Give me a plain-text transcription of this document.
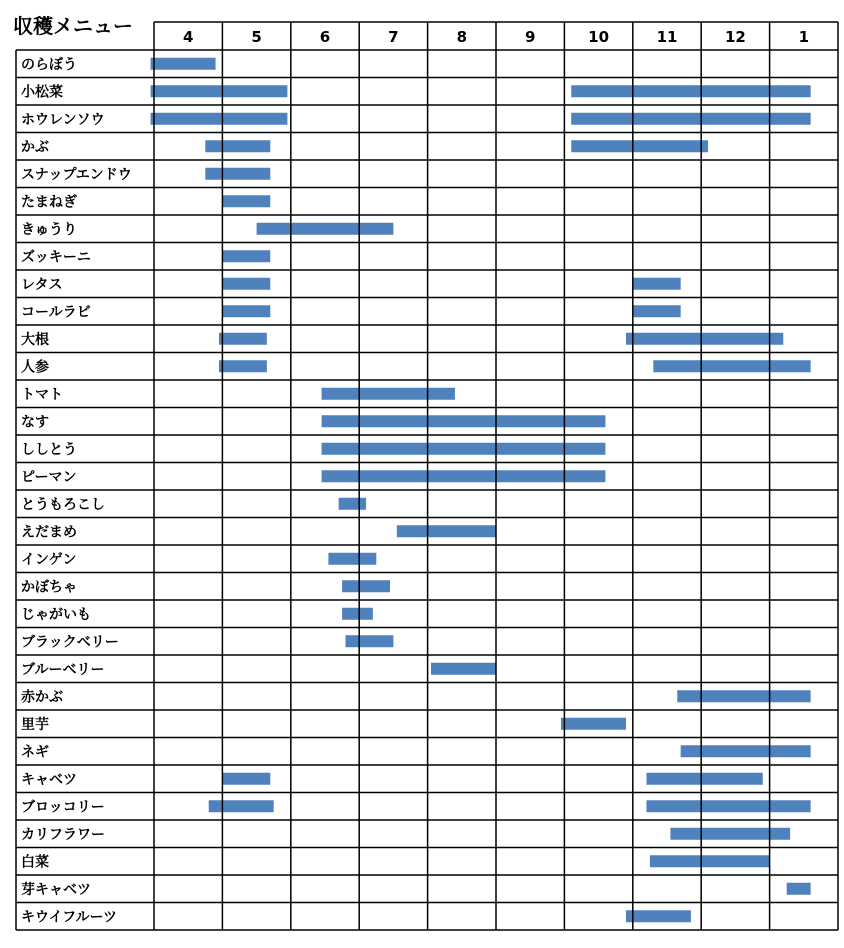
収穫メニュー	4	5	6	7	8	9	10	11	12	1
のらぼう
小松菜
ホウレンソウ
かぶ
スナップエンドウ
たまねぎ
きゅうり
ズッキーニ
レタス
コールラビ
大根
人参
トマト
なす
ししとう
ピーマン
とうもろこし
えだまめ
インゲン
かぼちゃ
じゃがいも
ブラックベリー
ブルーベリー
赤かぶ
里芋
ネギ
キャベツ
ブロッコリー
カリフラワー
白菜
芽キャベツ
キウイフルーツ
